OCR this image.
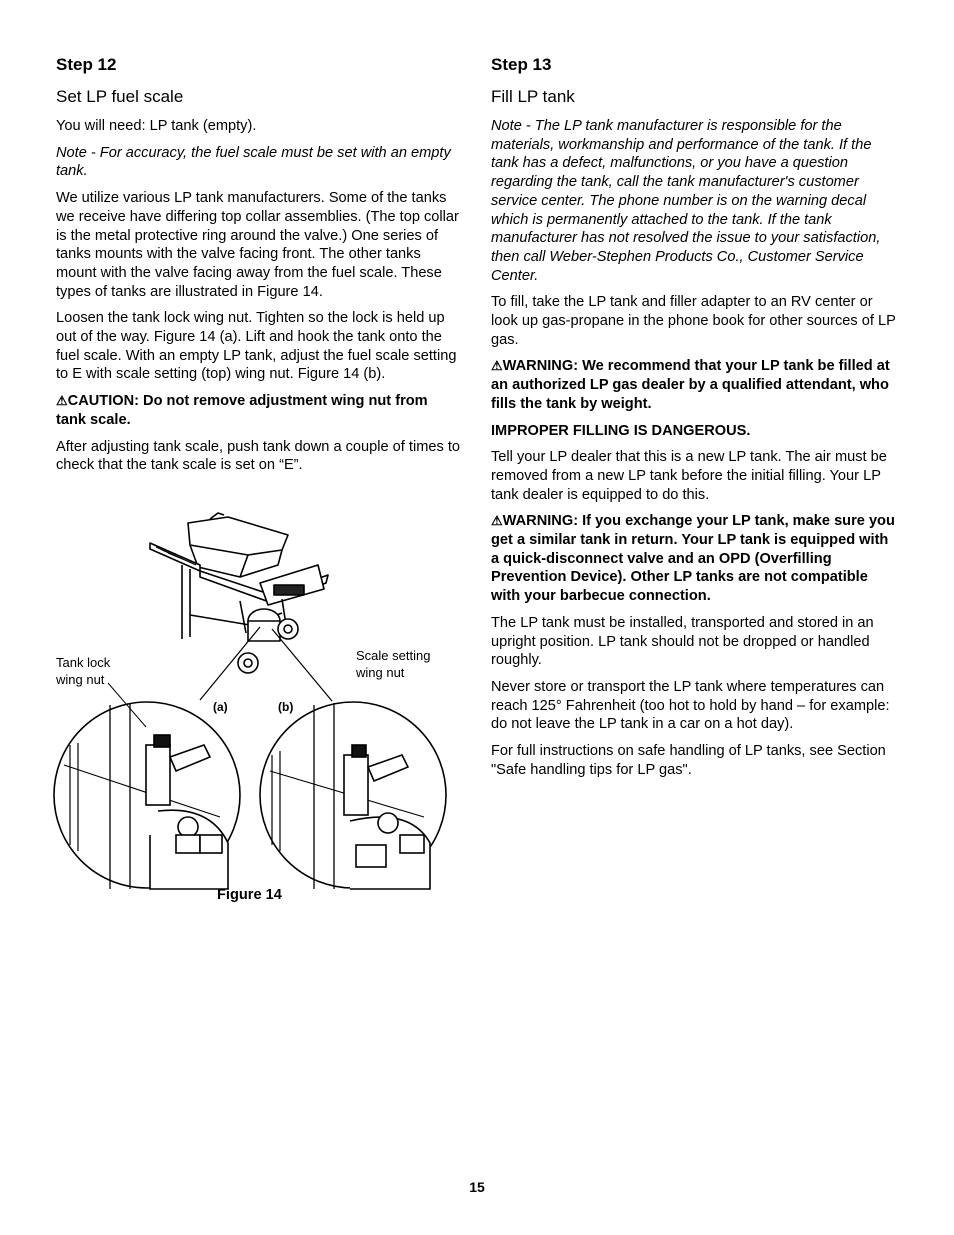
Step 12
Set LP fuel scale

You will need: LP tank (empty).

Note - For accuracy, the fuel scale must be set with an empty tank.

We utilize various LP tank manufacturers. Some of the tanks we receive have differing top collar assemblies. (The top collar is the metal protective ring around the valve.) One series of tanks mounts with the valve facing front. The other tanks mount with the valve facing away from the fuel scale. These types of tanks are illustrated in Figure 14.

Loosen the tank lock wing nut. Tighten so the lock is held up out of the way. Figure 14 (a). Lift and hook the tank onto the fuel scale. With an empty LP tank, adjust the fuel scale setting to E with scale setting (top) wing nut. Figure 14 (b).

⚠CAUTION: Do not remove adjustment wing nut from tank scale.

After adjusting tank scale, push tank down a couple of times to check that the tank scale is set on “E”.

Tank lock
wing nut
Scale setting
wing nut
(a)	(b)
Figure 14
Step 13
Fill LP tank

Note - The LP tank manufacturer is responsible for the materials, workmanship and performance of the tank. If the tank has a defect, malfunctions, or you have a question regarding the tank, call the tank manufacturer's customer service center. The phone number is on the warning decal which is permanently attached to the tank. If the tank manufacturer has not resolved the issue to your satisfaction, then call Weber-Stephen Products Co., Customer Service Center.

To fill, take the LP tank and filler adapter to an RV center or look up gas-propane in the phone book for other sources of LP gas.

⚠WARNING: We recommend that your LP tank be filled at an authorized LP gas dealer by a qualified attendant, who fills the tank by weight.

IMPROPER FILLING IS DANGEROUS.

Tell your LP dealer that this is a new LP tank. The air must be removed from a new LP tank before the initial filling. Your LP tank dealer is equipped to do this.

⚠WARNING: If you exchange your LP tank, make sure you get a similar tank in return. Your LP tank is equipped with a quick-disconnect valve and an OPD (Overfilling Prevention Device). Other LP tanks are not compatible with your barbecue connection.

The LP tank must be installed, transported and stored in an upright position. LP tank should not be dropped or handled roughly.

Never store or transport the LP tank where temperatures can reach 125° Fahrenheit (too hot to hold by hand – for example: do not leave the LP tank in a car on a hot day).

For full instructions on safe handling of LP tanks, see Section "Safe handling tips for LP gas".

15
